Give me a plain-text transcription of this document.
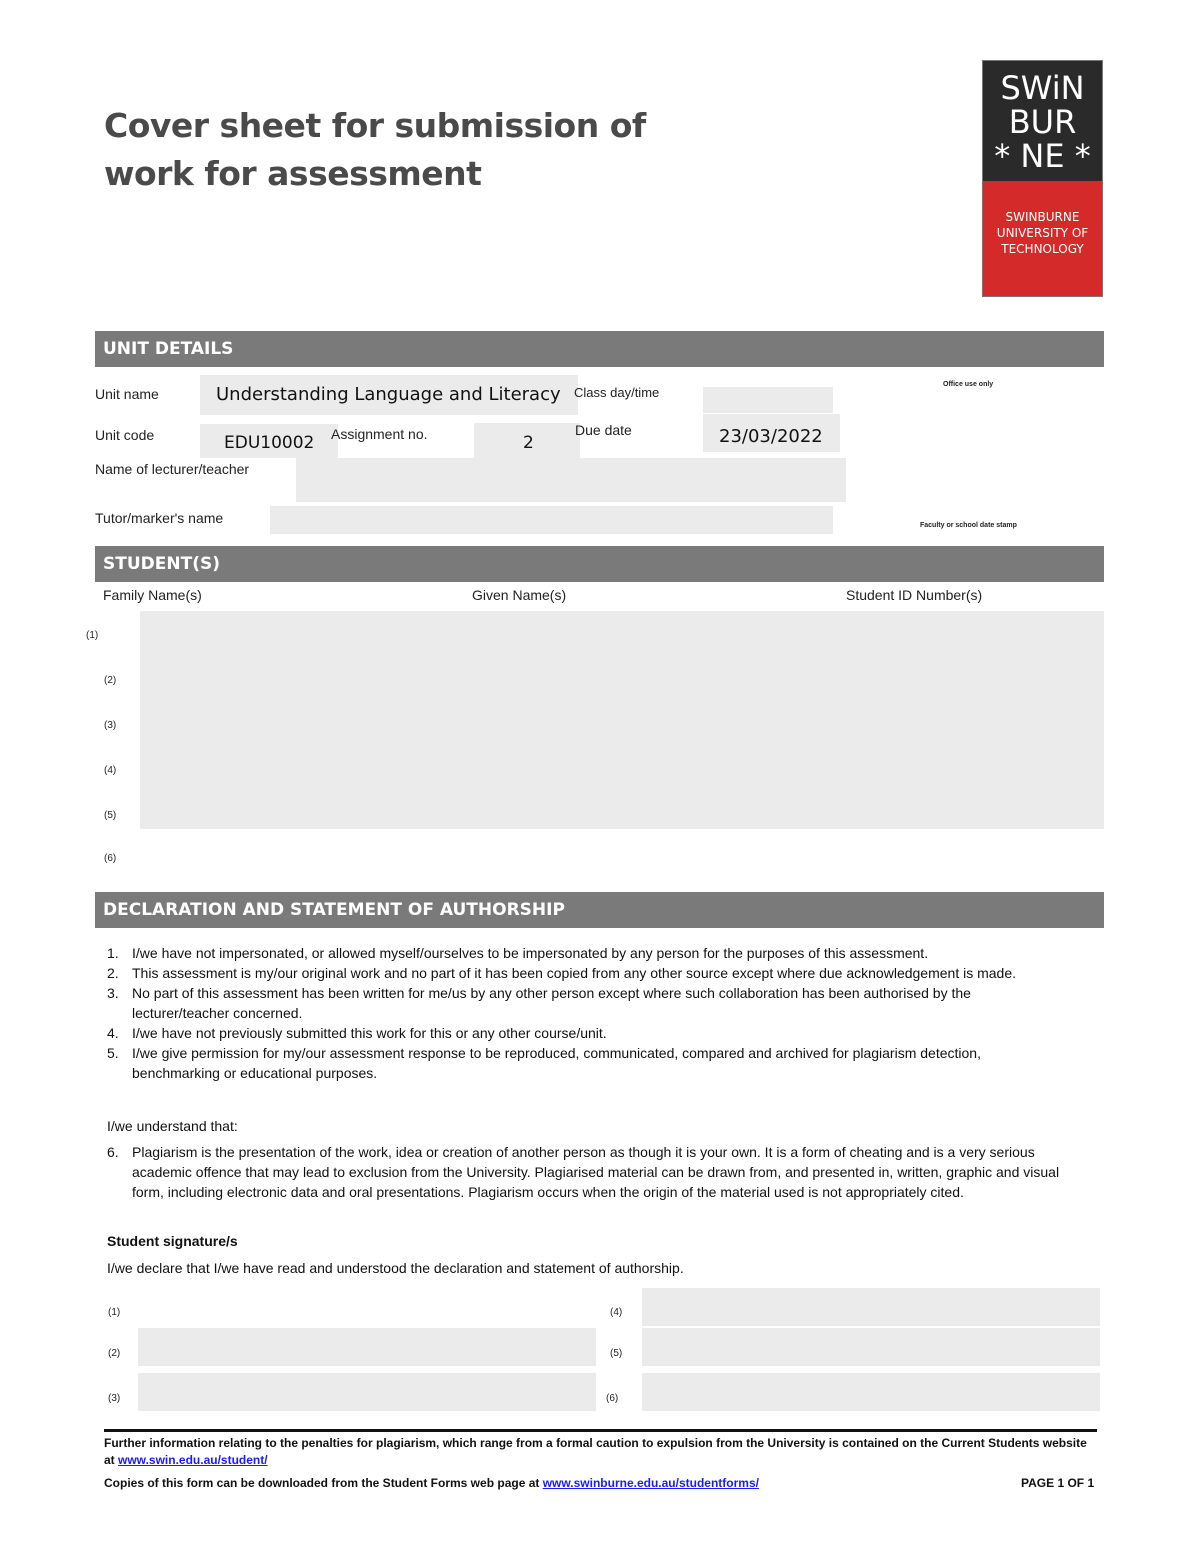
Cover sheet for submission of
work for assessment
SWiN
BUR
* NE *
SWINBURNE
UNIVERSITY OF
TECHNOLOGY
UNIT DETAILS
Unit name	Understanding Language and Literacy Class day/time
Office use only
Unit code	EDU10002 Assignment no.	2
Due date	23/03/2022
Name of lecturer/teacher
Tutor/marker's name	Faculty or school date stamp
STUDENT(S)
Family Name(s)	Given Name(s)	Student ID Number(s)
(1)
(2)
(3)
(4)
(5)
(6)
DECLARATION AND STATEMENT OF AUTHORSHIP
1. I/we have not impersonated, or allowed myself/ourselves to be impersonated by any person for the purposes of this assessment.
2. This assessment is my/our original work and no part of it has been copied from any other source except where due acknowledgement is made.
3. No part of this assessment has been written for me/us by any other person except where such collaboration has been authorised by the lecturer/teacher concerned.
4. I/we have not previously submitted this work for this or any other course/unit.
5. I/we give permission for my/our assessment response to be reproduced, communicated, compared and archived for plagiarism detection, benchmarking or educational purposes.
I/we understand that:
6. Plagiarism is the presentation of the work, idea or creation of another person as though it is your own. It is a form of cheating and is a very serious academic offence that may lead to exclusion from the University. Plagiarised material can be drawn from, and presented in, written, graphic and visual form, including electronic data and oral presentations. Plagiarism occurs when the origin of the material used is not appropriately cited.
Student signature/s
I/we declare that I/we have read and understood the declaration and statement of authorship.
(1)
(2)
(3)
(4)
(5)
(6)
Further information relating to the penalties for plagiarism, which range from a formal caution to expulsion from the University is contained on the Current Students website at www.swin.edu.au/student/
Copies of this form can be downloaded from the Student Forms web page at www.swinburne.edu.au/studentforms/	PAGE 1 OF 1
